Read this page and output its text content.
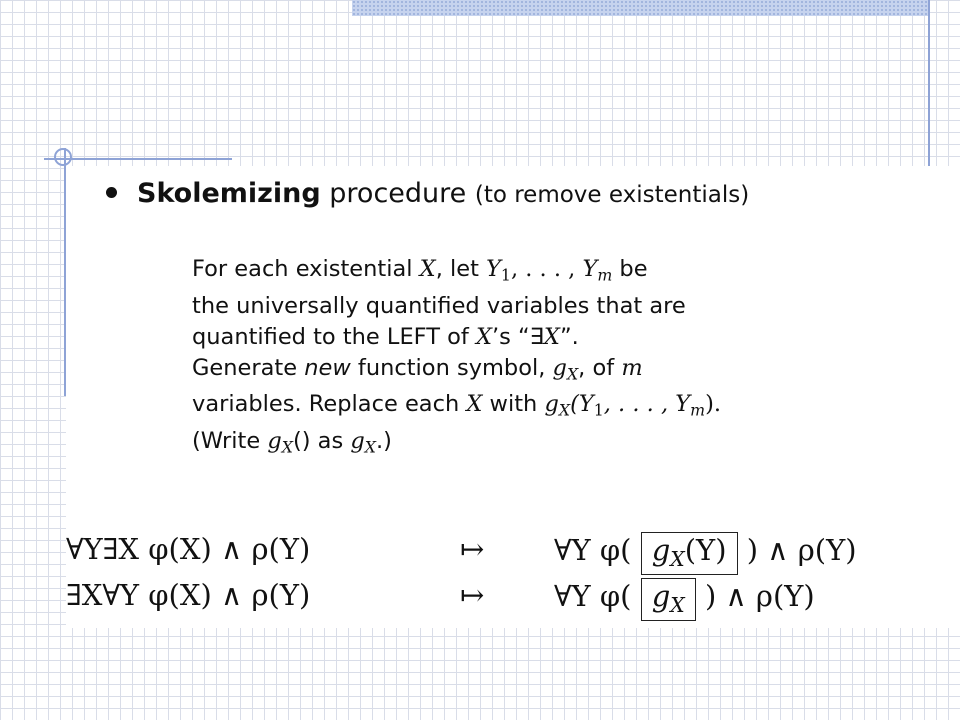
Skolemizing procedure (to remove existentials)
For each existential X, let $Y_1$, . . . , $Y_m$ be
the universally quantified variables that are
quantified to the LEFT of X’s “∃X”.
Generate new function symbol, $g_X$, of m
variables. Replace each X with $g_X(Y_1$, . . . , $Y_m$).
(Write $g_X()$ as $g_X$.)
∀Y∃X φ(X) ∧ ρ(Y)	↦ ∀Y φ( $g_X(Y)$ ) ∧ ρ(Y)
∃X∀Y φ(X) ∧ ρ(Y)	↦ ∀Y φ( $g_X$ ) ∧ ρ(Y)
